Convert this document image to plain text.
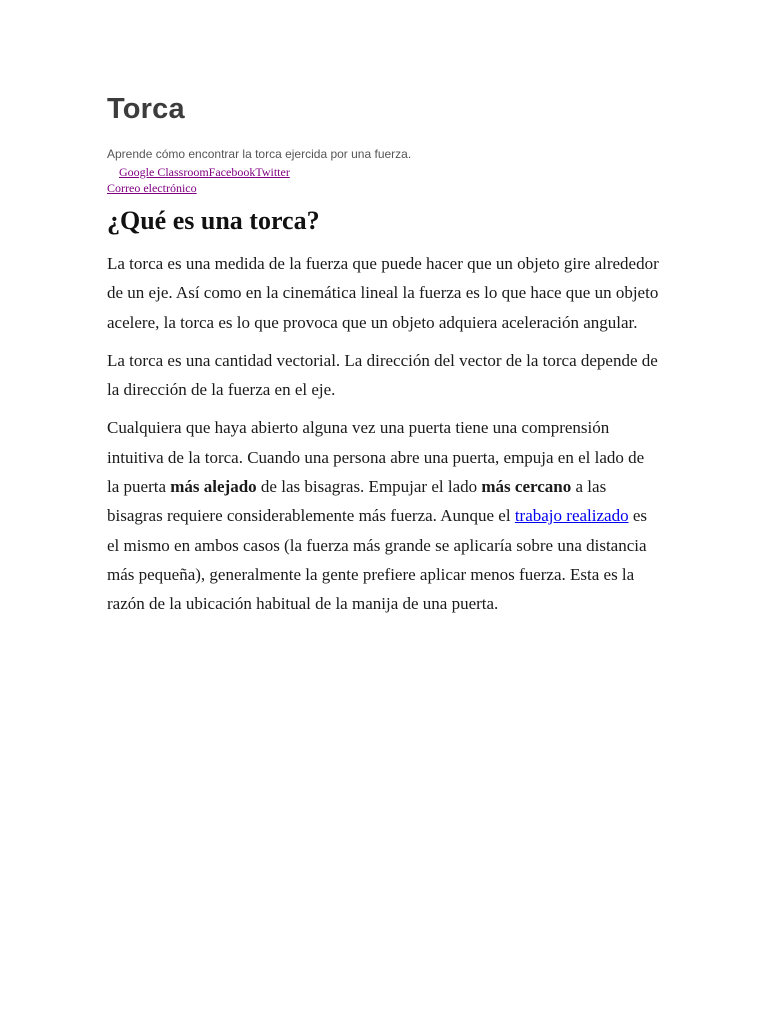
Torca
Aprende cómo encontrar la torca ejercida por una fuerza.
Google ClassroomFacebookTwitter
Correo electrónico
¿Qué es una torca?

La torca es una medida de la fuerza que puede hacer que un objeto gire alrededor de un eje. Así como en la cinemática lineal la fuerza es lo que hace que un objeto acelere, la torca es lo que provoca que un objeto adquiera aceleración angular.

La torca es una cantidad vectorial. La dirección del vector de la torca depende de la dirección de la fuerza en el eje.

Cualquiera que haya abierto alguna vez una puerta tiene una comprensión intuitiva de la torca. Cuando una persona abre una puerta, empuja en el lado de la puerta más alejado de las bisagras. Empujar el lado más cercano a las bisagras requiere considerablemente más fuerza. Aunque el trabajo realizado es el mismo en ambos casos (la fuerza más grande se aplicaría sobre una distancia más pequeña), generalmente la gente prefiere aplicar menos fuerza. Esta es la razón de la ubicación habitual de la manija de una puerta.
